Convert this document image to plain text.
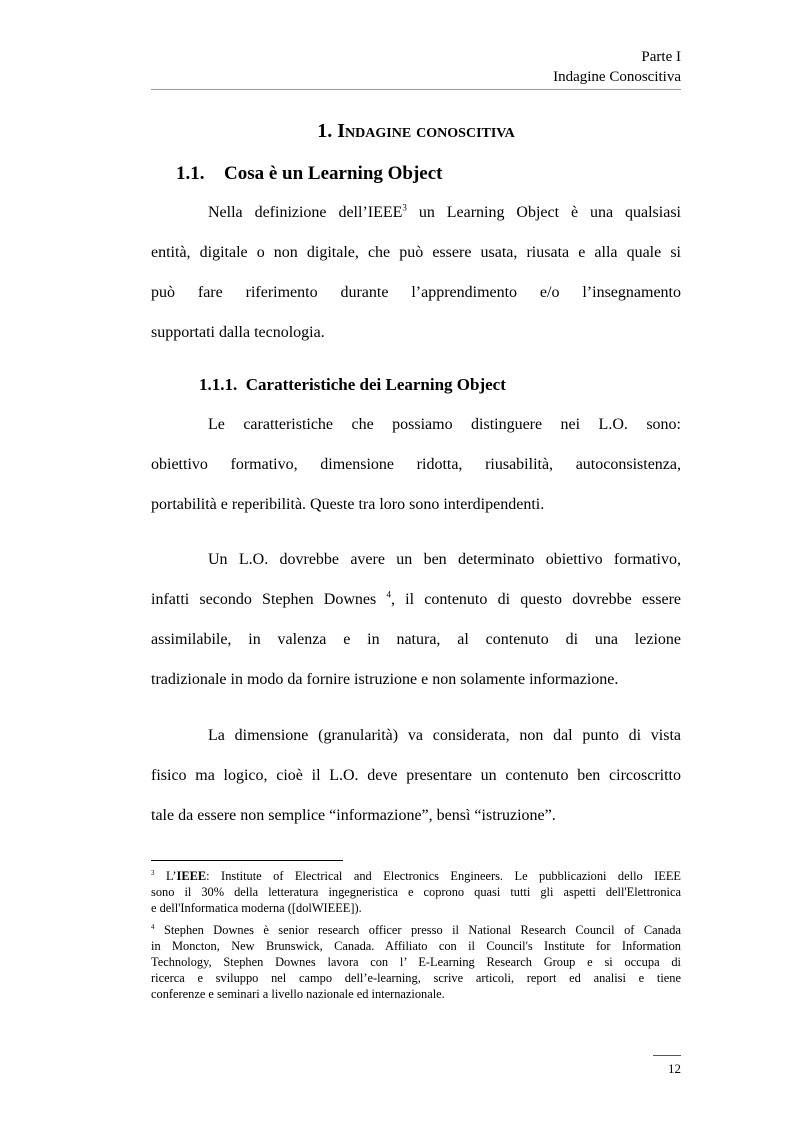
Parte I
Indagine Conoscitiva
1. Indagine conoscitiva
1.1. Cosa è un Learning Object
Nella definizione dell’IEEE$^3$ un Learning Object è una qualsiasi
entità, digitale o non digitale, che può essere usata, riusata e alla quale si
può fare riferimento durante l’apprendimento e/o l’insegnamento
supportati dalla tecnologia.
1.1.1. Caratteristiche dei Learning Object
Le caratteristiche che possiamo distinguere nei L.O. sono:
obiettivo formativo, dimensione ridotta, riusabilità, autoconsistenza,
portabilità e reperibilità. Queste tra loro sono interdipendenti.
Un L.O. dovrebbe avere un ben determinato obiettivo formativo,
infatti secondo Stephen Downes $^4$, il contenuto di questo dovrebbe essere
assimilabile, in valenza e in natura, al contenuto di una lezione
tradizionale in modo da fornire istruzione e non solamente informazione.
La dimensione (granularità) va considerata, non dal punto di vista
fisico ma logico, cioè il L.O. deve presentare un contenuto ben circoscritto
tale da essere non semplice “informazione”, bensì “istruzione”.
$^3$ L’IEEE: Institute of Electrical and Electronics Engineers. Le pubblicazioni dello IEEE
sono il 30% della letteratura ingegneristica e coprono quasi tutti gli aspetti dell'Elettronica
e dell'Informatica moderna ([dolWIEEE]).
$^4$ Stephen Downes è senior research officer presso il National Research Council of Canada
in Moncton, New Brunswick, Canada. Affiliato con il Council's Institute for Information
Technology, Stephen Downes lavora con l’ E-Learning Research Group e si occupa di
ricerca e sviluppo nel campo dell’e-learning, scrive articoli, report ed analisi e tiene
conferenze e seminari a livello nazionale ed internazionale.
12
